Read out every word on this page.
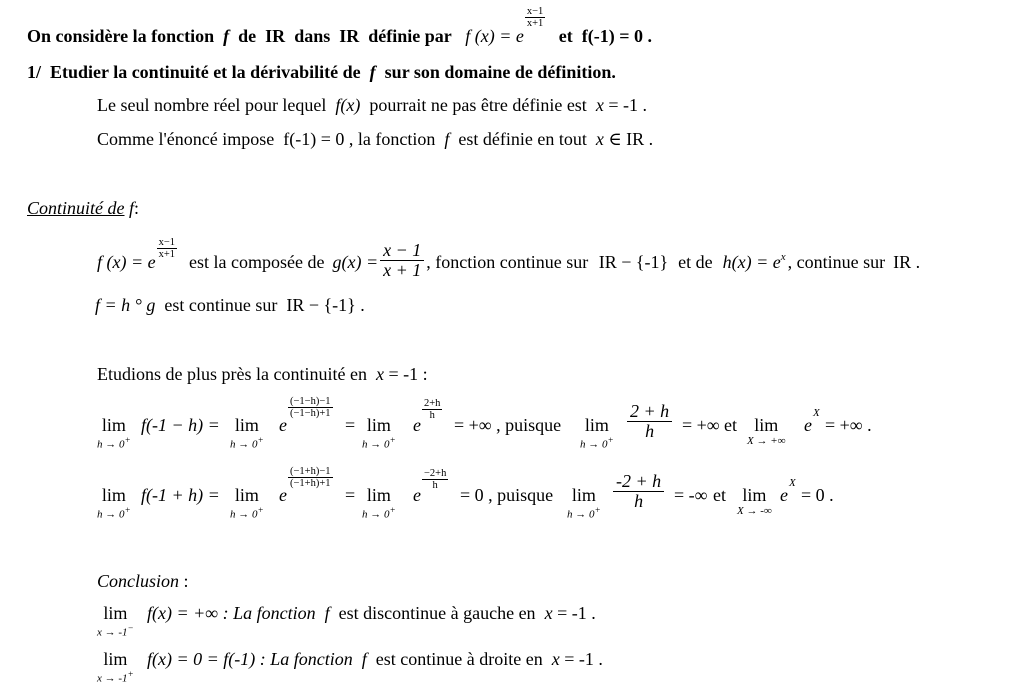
On considère la fonction f de IR dans IR définie par f (x) = e
$\frac{x-1}{x+1}$
et f(-1) = 0 .
1/ Etudier la continuité et la dérivabilité de f sur son domaine de définition.
Le seul nombre réel pour lequel f(x) pourrait ne pas être définie est x = -1 .
Comme l'énoncé impose f(-1) = 0 , la fonction f est définie en tout x ∈ IR .
Continuité de f:
f (x) = e
$\frac{x-1}{x+1}$
est la composée de $g(x) = \frac{x - 1}{x + 1}$ , fonction continue sur
IR − {-1} et de h(x) = e x , continue sur IR .
f = h ° g est continue sur IR − {-1} .
Etudions de plus près la continuité en x = -1 :
lim
h → 0+
f(-1 − h) = lim
h → 0+
e
$\frac{(-1-h)-1}{(-1-h)+1}$
= lim
h → 0+
e
$\frac{2+h}{h}$
= +∞ , puisque lim
$h \to 0^+ \frac{2 + h}{h}$ = +∞ et lim
X → +∞
e
X
= +∞ .
lim
h → 0+
f(-1 + h) = lim
h → 0+
e
$\frac{(-1+h)-1}{(-1+h)+1}$
= lim
h → 0+
e
$\frac{-2+h}{h}$
= 0 , puisque lim
$h \to 0^+ \frac{-2 + h}{h}$ = -∞ et lim
X → -∞
e
X
= 0 .
Conclusion :
lim
x → -1−
f(x) = +∞ : La fonction f est discontinue à gauche en x = -1 .
lim
x → -1+
f(x) = 0 = f(-1) : La fonction f est continue à droite en x = -1 .
